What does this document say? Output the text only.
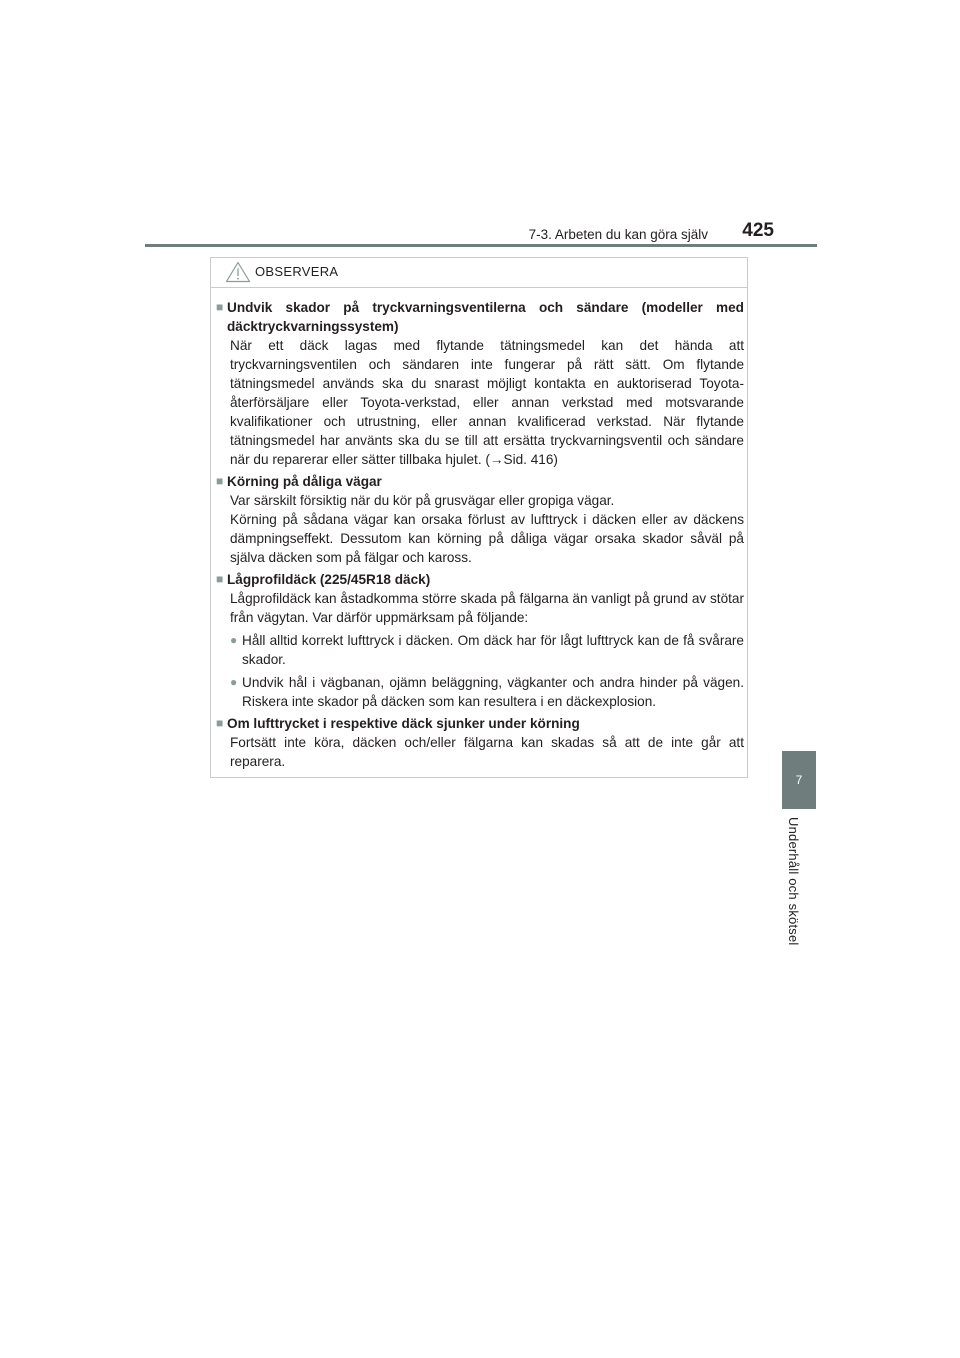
7-3. Arbeten du kan göra själv	425
7
Underhåll och skötsel
OBSERVERA
■ Undvik skador på tryckvarningsventilerna och sändare (modeller med däcktryckvarningssystem)
När ett däck lagas med flytande tätningsmedel kan det hända att tryckvarningsventilen och sändaren inte fungerar på rätt sätt. Om flytande tätningsmedel används ska du snarast möjligt kontakta en auktoriserad Toyota-återförsäljare eller Toyota-verkstad, eller annan verkstad med motsvarande kvalifikationer och utrustning, eller annan kvalificerad verkstad. När flytande tätningsmedel har använts ska du se till att ersätta tryckvarningsventil och sändare när du reparerar eller sätter tillbaka hjulet. (→Sid. 416)
■ Körning på dåliga vägar
Var särskilt försiktig när du kör på grusvägar eller gropiga vägar.
Körning på sådana vägar kan orsaka förlust av lufttryck i däcken eller av däckens dämpningseffekt. Dessutom kan körning på dåliga vägar orsaka skador såväl på själva däcken som på fälgar och kaross.
■ Lågprofildäck (225/45R18 däck)
Lågprofildäck kan åstadkomma större skada på fälgarna än vanligt på grund av stötar från vägytan. Var därför uppmärksam på följande:
● Håll alltid korrekt lufttryck i däcken. Om däck har för lågt lufttryck kan de få svårare skador.
● Undvik hål i vägbanan, ojämn beläggning, vägkanter och andra hinder på vägen. Riskera inte skador på däcken som kan resultera i en däckexplosion.
■ Om lufttrycket i respektive däck sjunker under körning
Fortsätt inte köra, däcken och/eller fälgarna kan skadas så att de inte går att reparera.
